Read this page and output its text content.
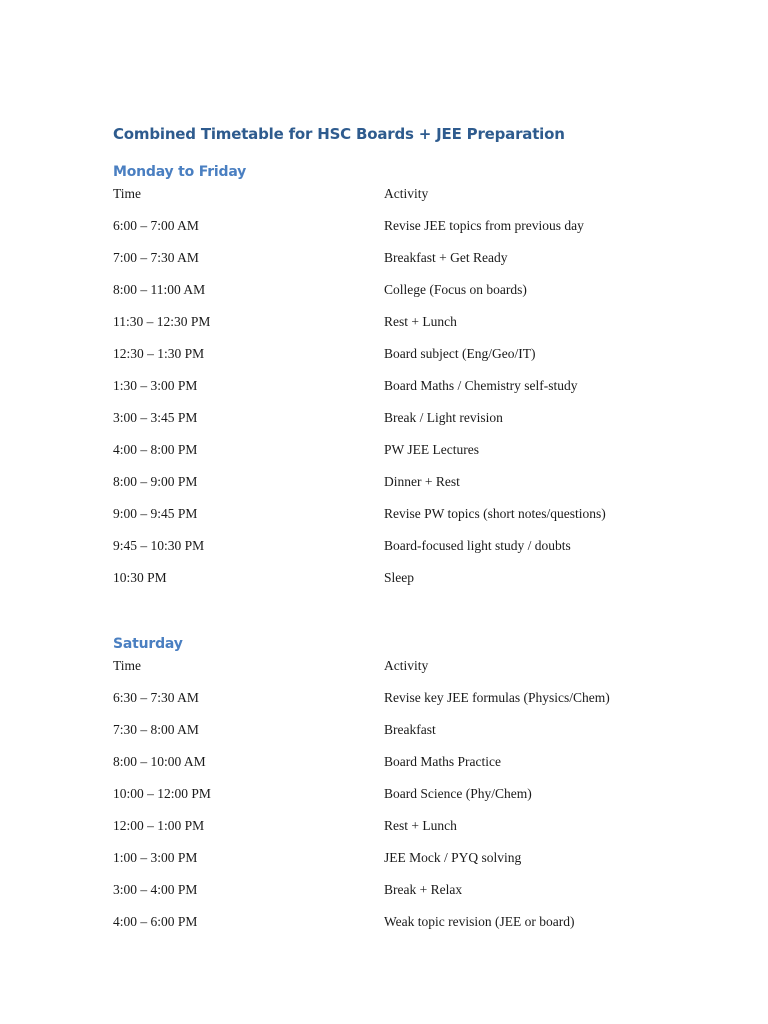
Combined Timetable for HSC Boards + JEE Preparation
Monday to Friday
Time	Activity
6:00 – 7:00 AM	Revise JEE topics from previous day
7:00 – 7:30 AM	Breakfast + Get Ready
8:00 – 11:00 AM	College (Focus on boards)
11:30 – 12:30 PM	Rest + Lunch
12:30 – 1:30 PM	Board subject (Eng/Geo/IT)
1:30 – 3:00 PM	Board Maths / Chemistry self-study
3:00 – 3:45 PM	Break / Light revision
4:00 – 8:00 PM	PW JEE Lectures
8:00 – 9:00 PM	Dinner + Rest
9:00 – 9:45 PM	Revise PW topics (short notes/questions)
9:45 – 10:30 PM	Board-focused light study / doubts
10:30 PM	Sleep
Saturday
Time	Activity
6:30 – 7:30 AM	Revise key JEE formulas (Physics/Chem)
7:30 – 8:00 AM	Breakfast
8:00 – 10:00 AM	Board Maths Practice
10:00 – 12:00 PM	Board Science (Phy/Chem)
12:00 – 1:00 PM	Rest + Lunch
1:00 – 3:00 PM	JEE Mock / PYQ solving
3:00 – 4:00 PM	Break + Relax
4:00 – 6:00 PM	Weak topic revision (JEE or board)
